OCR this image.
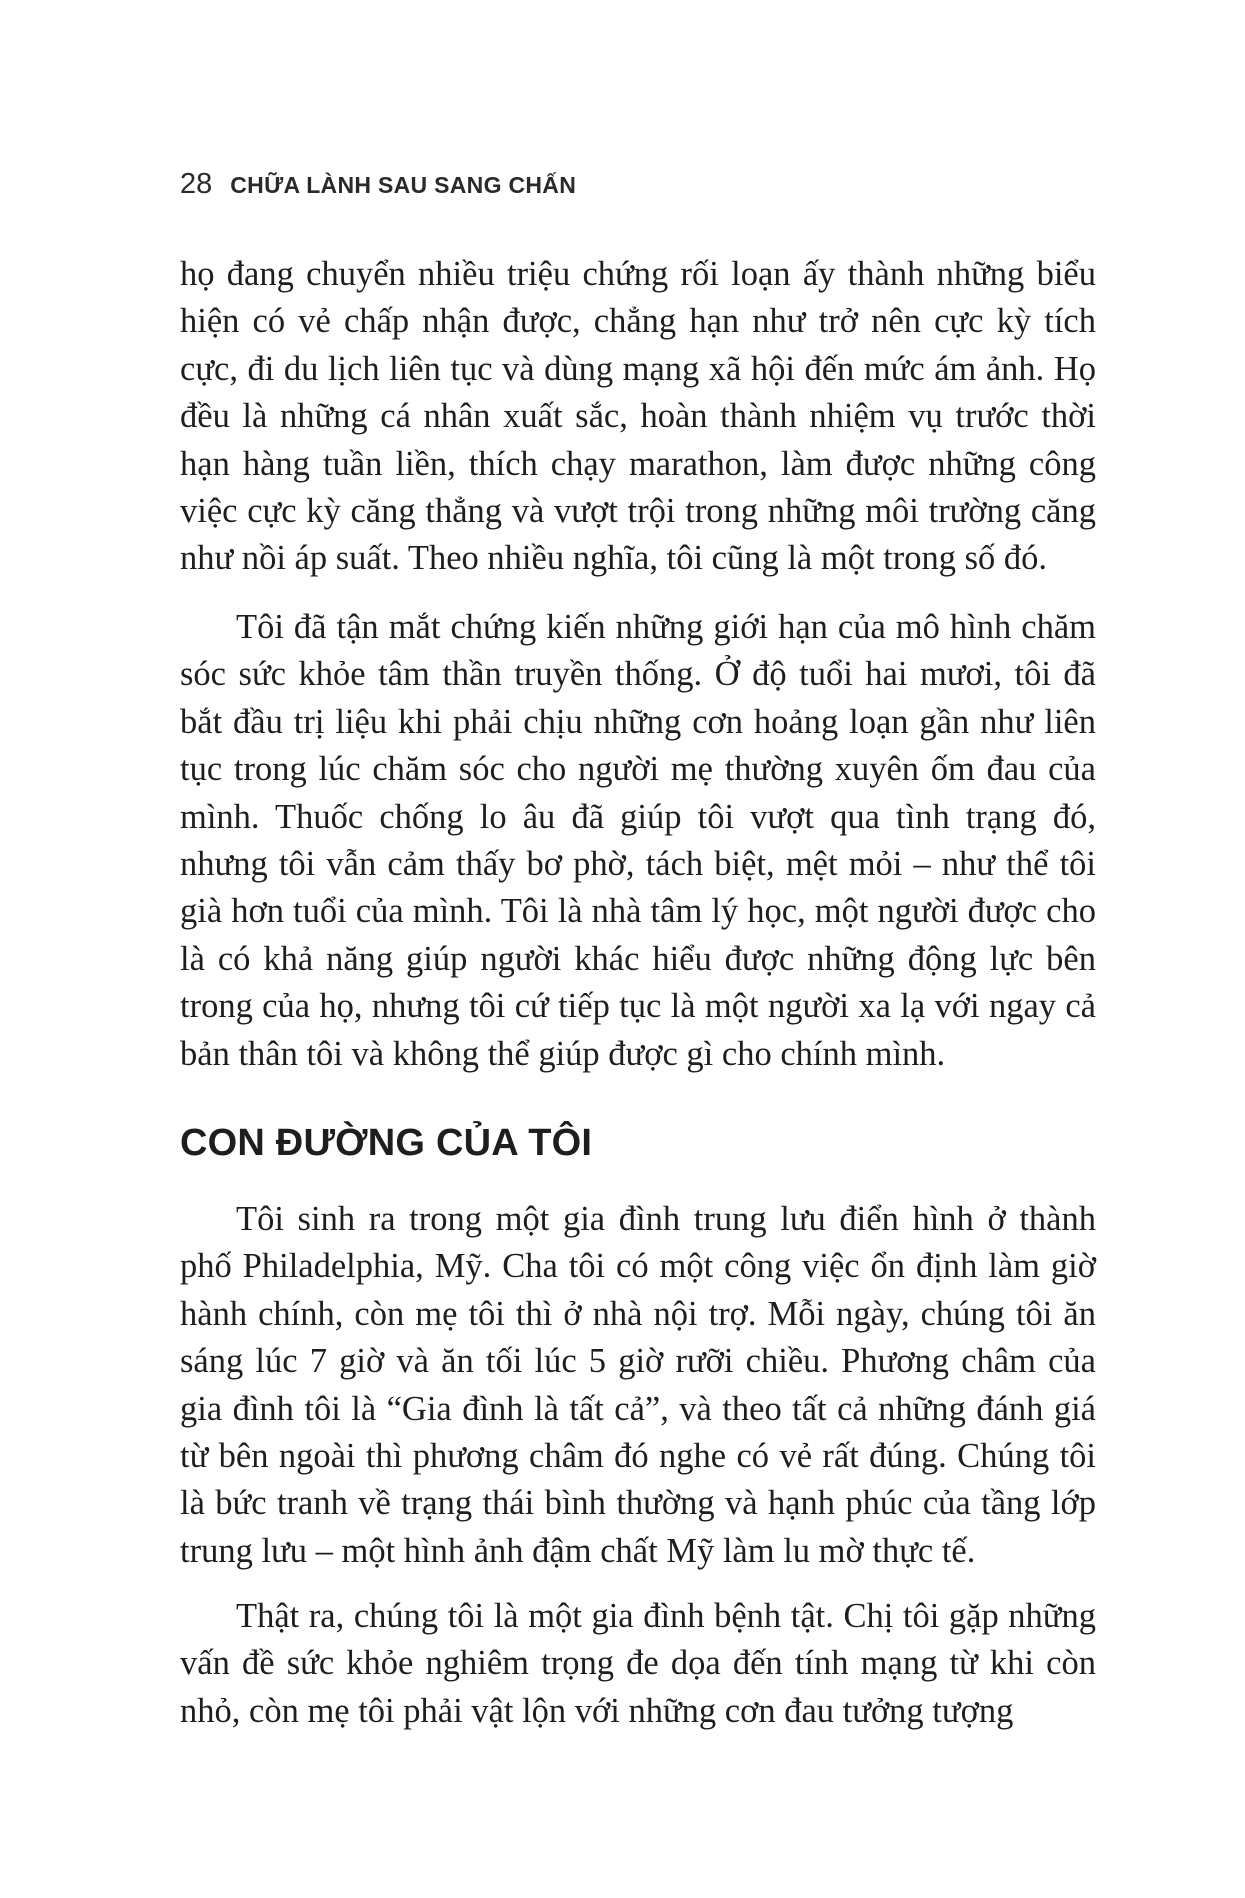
28 CHỮA LÀNH SAU SANG CHẤN

họ đang chuyển nhiều triệu chứng rối loạn ấy thành những biểu hiện có vẻ chấp nhận được, chẳng hạn như trở nên cực kỳ tích cực, đi du lịch liên tục và dùng mạng xã hội đến mức ám ảnh. Họ đều là những cá nhân xuất sắc, hoàn thành nhiệm vụ trước thời hạn hàng tuần liền, thích chạy marathon, làm được những công việc cực kỳ căng thẳng và vượt trội trong những môi trường căng như nồi áp suất. Theo nhiều nghĩa, tôi cũng là một trong số đó.

Tôi đã tận mắt chứng kiến những giới hạn của mô hình chăm sóc sức khỏe tâm thần truyền thống. Ở độ tuổi hai mươi, tôi đã bắt đầu trị liệu khi phải chịu những cơn hoảng loạn gần như liên tục trong lúc chăm sóc cho người mẹ thường xuyên ốm đau của mình. Thuốc chống lo âu đã giúp tôi vượt qua tình trạng đó, nhưng tôi vẫn cảm thấy bơ phờ, tách biệt, mệt mỏi – như thể tôi già hơn tuổi của mình. Tôi là nhà tâm lý học, một người được cho là có khả năng giúp người khác hiểu được những động lực bên trong của họ, nhưng tôi cứ tiếp tục là một người xa lạ với ngay cả bản thân tôi và không thể giúp được gì cho chính mình.

CON ĐƯỜNG CỦA TÔI

Tôi sinh ra trong một gia đình trung lưu điển hình ở thành phố Philadelphia, Mỹ. Cha tôi có một công việc ổn định làm giờ hành chính, còn mẹ tôi thì ở nhà nội trợ. Mỗi ngày, chúng tôi ăn sáng lúc 7 giờ và ăn tối lúc 5 giờ rưỡi chiều. Phương châm của gia đình tôi là “Gia đình là tất cả”, và theo tất cả những đánh giá từ bên ngoài thì phương châm đó nghe có vẻ rất đúng. Chúng tôi là bức tranh về trạng thái bình thường và hạnh phúc của tầng lớp trung lưu – một hình ảnh đậm chất Mỹ làm lu mờ thực tế.

Thật ra, chúng tôi là một gia đình bệnh tật. Chị tôi gặp những vấn đề sức khỏe nghiêm trọng đe dọa đến tính mạng từ khi còn nhỏ, còn mẹ tôi phải vật lộn với những cơn đau tưởng tượng
